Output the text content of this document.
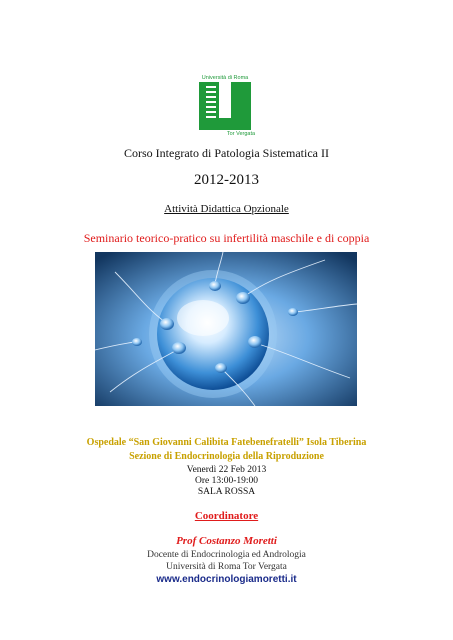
Università di Roma
Tor Vergata
Corso Integrato di Patologia Sistematica II
2012-2013
Attività Didattica Opzionale
Seminario teorico-pratico su infertilità maschile e di coppia
Ospedale “San Giovanni Calibita Fatebenefratelli” Isola Tiberina
Sezione di Endocrinologia della Riproduzione
Venerdì 22 Feb 2013
Ore 13:00-19:00
SALA ROSSA
Coordinatore
Prof Costanzo Moretti
Docente di Endocrinologia ed Andrologia
Università di Roma Tor Vergata
www.endocrinologiamoretti.it
